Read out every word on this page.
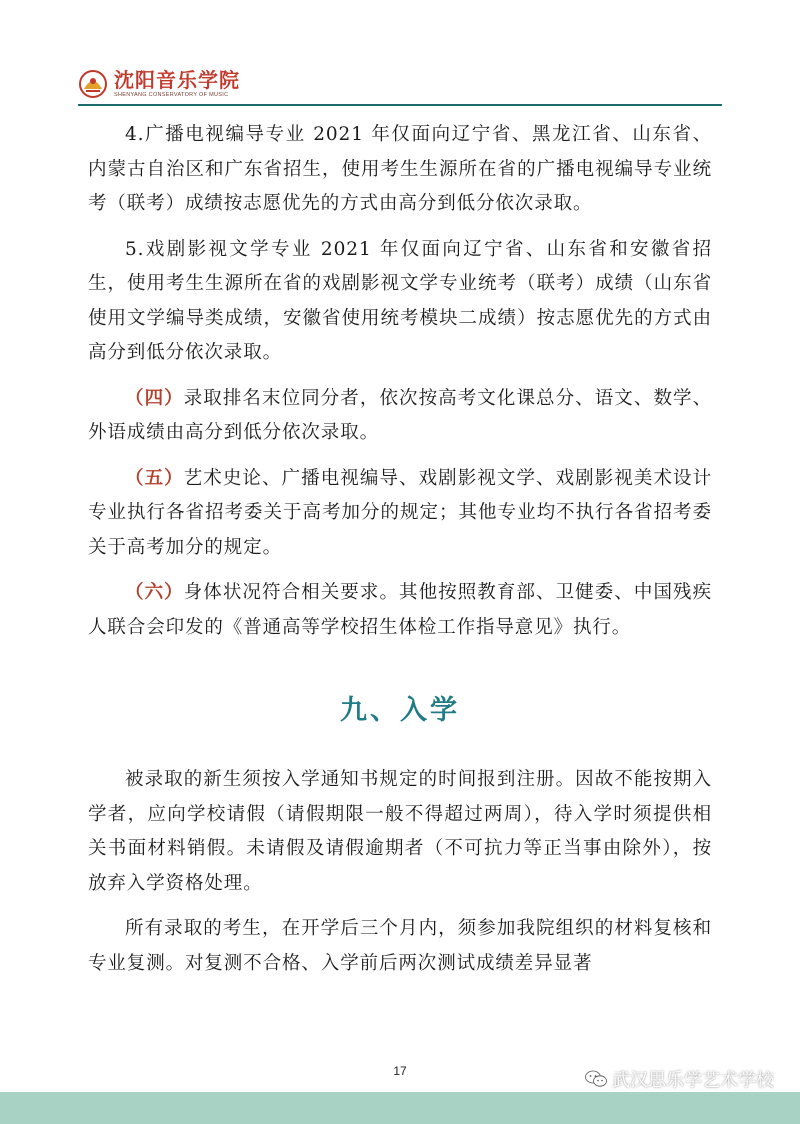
沈阳音乐学院
SHENYANG CONSERVATORY OF MUSIC

4.广播电视编导专业 2021 年仅面向辽宁省、黑龙江省、山东省、内蒙古自治区和广东省招生，使用考生生源所在省的广播电视编导专业统考（联考）成绩按志愿优先的方式由高分到低分依次录取。

5.戏剧影视文学专业 2021 年仅面向辽宁省、山东省和安徽省招生，使用考生生源所在省的戏剧影视文学专业统考（联考）成绩（山东省使用文学编导类成绩，安徽省使用统考模块二成绩）按志愿优先的方式由高分到低分依次录取。

（四）录取排名末位同分者，依次按高考文化课总分、语文、数学、外语成绩由高分到低分依次录取。

（五）艺术史论、广播电视编导、戏剧影视文学、戏剧影视美术设计专业执行各省招考委关于高考加分的规定；其他专业均不执行各省招考委关于高考加分的规定。

（六）身体状况符合相关要求。其他按照教育部、卫健委、中国残疾人联合会印发的《普通高等学校招生体检工作指导意见》执行。

九、入学

被录取的新生须按入学通知书规定的时间报到注册。因故不能按期入学者，应向学校请假（请假期限一般不得超过两周），待入学时须提供相关书面材料销假。未请假及请假逾期者（不可抗力等正当事由除外），按放弃入学资格处理。

所有录取的考生，在开学后三个月内，须参加我院组织的材料复核和专业复测。对复测不合格、入学前后两次测试成绩差异显著

17	武汉思乐学艺术学校
